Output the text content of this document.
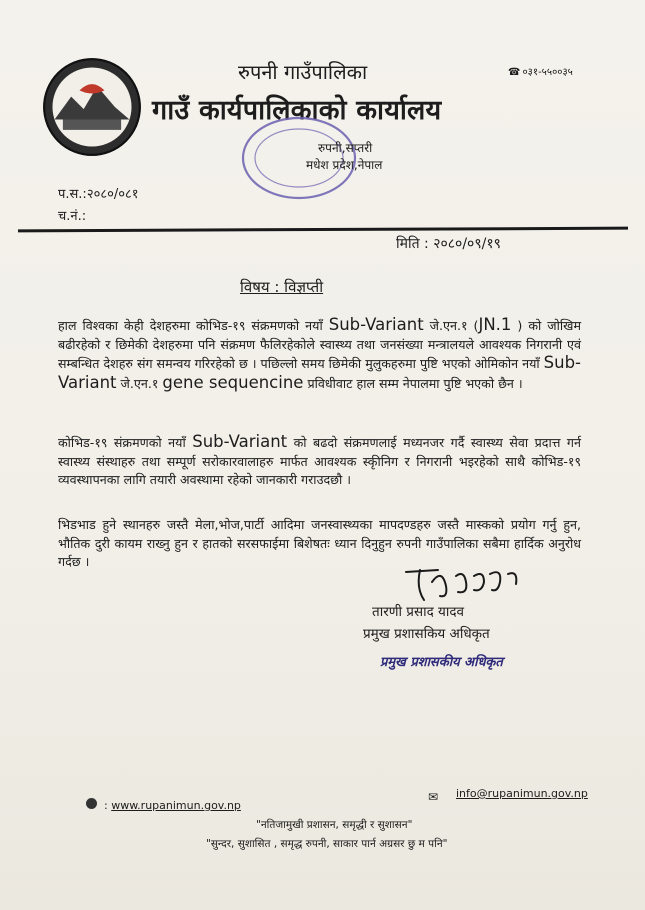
रुपनी गाउँपालिका
गाउँ कार्यपालिकाको कार्यालय
☎ ०३१-५५००३५
रुपनी,सप्तरी
मधेश प्रदेश,नेपाल
प.स.:२०८०/०८१
च.नं.:
मिति : २०८०/०९/१९
विषय : विज्ञप्ती
हाल विश्वका केही देशहरुमा कोभिड-१९ संक्रमणको नयाँ Sub-Variant जे.एन.१ (JN.1 ) को जोखिम बढीरहेको र छिमेकी देशहरुमा पनि संक्रमण फैलिरहेकोले स्वास्थ्य तथा जनसंख्या मन्त्रालयले आवश्यक निगरानी एवं सम्बन्धित देशहरु संग समन्वय गरिरहेको छ । पछिल्लो समय छिमेकी मुलुकहरुमा पुष्टि भएको ओमिकोन नयाँ Sub-Variant जे.एन.१ gene sequencine प्रविधीवाट हाल सम्म नेपालमा पुष्टि भएको छैन ।
कोभिड-१९ संक्रमणको नयाँ Sub-Variant को बढदो संक्रमणलाई मध्यनजर गर्दै स्वास्थ्य सेवा प्रदात्त गर्न स्वास्थ्य संस्थाहरु तथा सम्पूर्ण सरोकारवालाहरु मार्फत आवश्यक स्कृीनिग र निगरानी भइरहेको साथै कोभिड-१९ व्यवस्थापनका लागि तयारी अवस्थामा रहेको जानकारी गराउदछौ ।
भिडभाड हुने स्थानहरु जस्तै मेला,भोज,पार्टी आदिमा जनस्वास्थ्यका मापदण्डहरु जस्तै मास्कको प्रयोग गर्नु हुन, भौतिक दुरी कायम राख्नु हुन र हातको सरसफाईमा बिशेषतः ध्यान दिनुहुन रुपनी गाउँपालिका सबैमा हार्दिक अनुरोध गर्दछ ।
तारणी प्रसाद यादव
प्रमुख प्रशासकिय अधिकृत
प्रमुख प्रशासकीय अधिकृत
: www.rupanimun.gov.np
✉ info@rupanimun.gov.np
"नतिजामुखी प्रशासन, समृद्धी र सुशासन"
"सुन्दर, सुशासित , समृद्ध रुपनी, साकार पार्न अग्रसर छु म पनि"
